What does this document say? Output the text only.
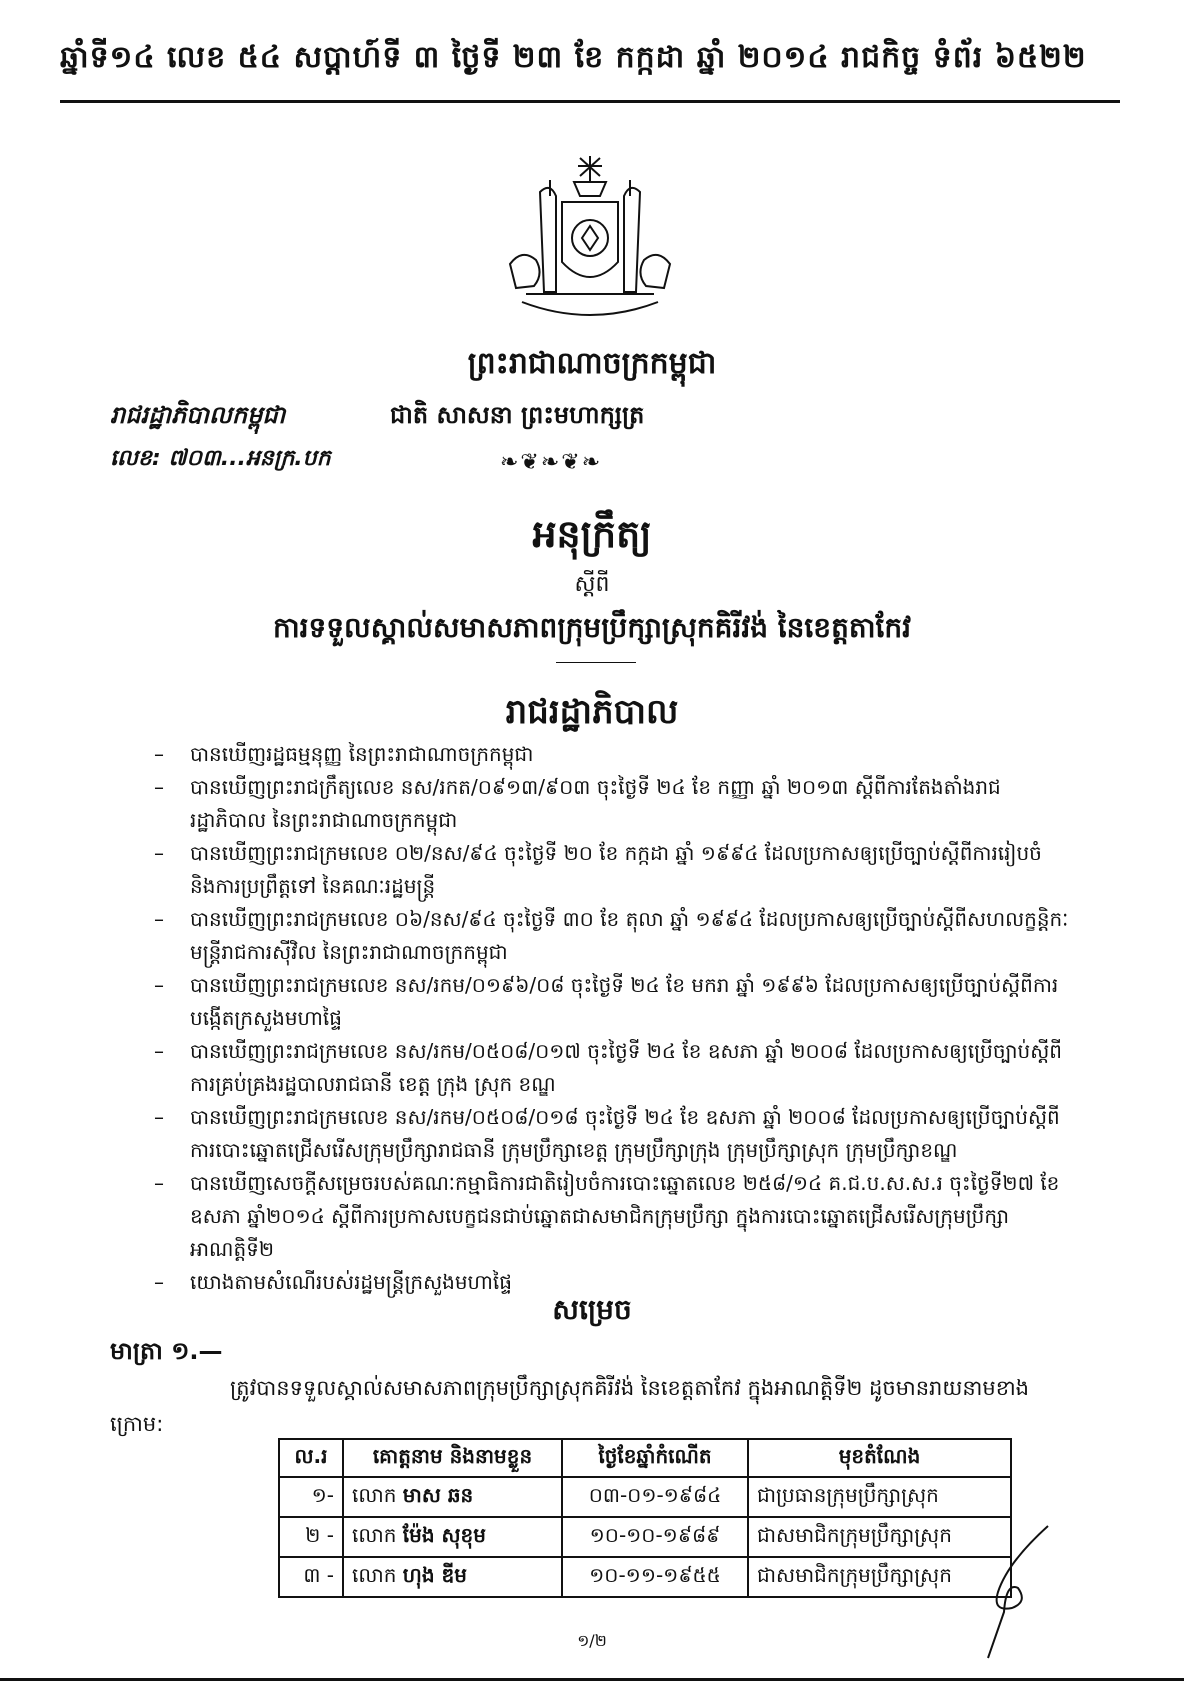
ឆ្នាំទី១៤ លេខ ៥៤ សប្តាហ៍ទី ៣ ថ្ងៃទី ២៣ ខែ កក្កដា ឆ្នាំ ២០១៤ រាជកិច្ច ទំព័រ ៦៥២២
ព្រះរាជាណាចក្រកម្ពុជា
រាជរដ្ឋាភិបាលកម្ពុជា	ជាតិ សាសនា ព្រះមហាក្សត្រ
លេខ: ៧០៣...អនក្រ.បក	❧❦❧❦❧
អនុក្រឹត្យ
ស្តីពី
ការទទួលស្គាល់សមាសភាពក្រុមប្រឹក្សាស្រុកគិរីវង់ នៃខេត្តតាកែវ
រាជរដ្ឋាភិបាល
– បានឃើញរដ្ឋធម្មនុញ្ញ នៃព្រះរាជាណាចក្រកម្ពុជា
– បានឃើញព្រះរាជក្រឹត្យលេខ នស/រកត/០៩១៣/៩០៣ ចុះថ្ងៃទី ២៤ ខែ កញ្ញា ឆ្នាំ ២០១៣ ស្តីពីការតែងតាំងរាជរដ្ឋាភិបាល នៃព្រះរាជាណាចក្រកម្ពុជា
– បានឃើញព្រះរាជក្រមលេខ ០២/នស/៩៤ ចុះថ្ងៃទី ២០ ខែ កក្កដា ឆ្នាំ ១៩៩៤ ដែលប្រកាសឲ្យប្រើច្បាប់ស្តីពីការរៀបចំ និងការប្រព្រឹត្តទៅ នៃគណៈរដ្ឋមន្ត្រី
– បានឃើញព្រះរាជក្រមលេខ ០៦/នស/៩៤ ចុះថ្ងៃទី ៣០ ខែ តុលា ឆ្នាំ ១៩៩៤ ដែលប្រកាសឲ្យប្រើច្បាប់ស្តីពីសហលក្ខន្តិកៈមន្ត្រីរាជការស៊ីវិល នៃព្រះរាជាណាចក្រកម្ពុជា
– បានឃើញព្រះរាជក្រមលេខ នស/រកម/០១៩៦/០៨ ចុះថ្ងៃទី ២៤ ខែ មករា ឆ្នាំ ១៩៩៦ ដែលប្រកាសឲ្យប្រើច្បាប់ស្តីពីការបង្កើតក្រសួងមហាផ្ទៃ
– បានឃើញព្រះរាជក្រមលេខ នស/រកម/០៥០៨/០១៧ ចុះថ្ងៃទី ២៤ ខែ ឧសភា ឆ្នាំ ២០០៨ ដែលប្រកាសឲ្យប្រើច្បាប់ស្តីពីការគ្រប់គ្រងរដ្ឋបាលរាជធានី ខេត្ត ក្រុង ស្រុក ខណ្ឌ
– បានឃើញព្រះរាជក្រមលេខ នស/រកម/០៥០៨/០១៨ ចុះថ្ងៃទី ២៤ ខែ ឧសភា ឆ្នាំ ២០០៨ ដែលប្រកាសឲ្យប្រើច្បាប់ស្តីពីការបោះឆ្នោតជ្រើសរើសក្រុមប្រឹក្សារាជធានី ក្រុមប្រឹក្សាខេត្ត ក្រុមប្រឹក្សាក្រុង ក្រុមប្រឹក្សាស្រុក ក្រុមប្រឹក្សាខណ្ឌ
– បានឃើញសេចក្តីសម្រេចរបស់គណៈកម្មាធិការជាតិរៀបចំការបោះឆ្នោតលេខ ២៥៨/១៤ គ.ជ.ប.ស.ស.រ ចុះថ្ងៃទី២៧ ខែឧសភា ឆ្នាំ២០១៤ ស្តីពីការប្រកាសបេក្ខជនជាប់ឆ្នោតជាសមាជិកក្រុមប្រឹក្សា ក្នុងការបោះឆ្នោតជ្រើសរើសក្រុមប្រឹក្សា អាណត្តិទី២
– យោងតាមសំណើរបស់រដ្ឋមន្ត្រីក្រសួងមហាផ្ទៃ
សម្រេច
មាត្រា ១.—
ត្រូវបានទទួលស្គាល់សមាសភាពក្រុមប្រឹក្សាស្រុកគិរីវង់ នៃខេត្តតាកែវ ក្នុងអាណត្តិទី២ ដូចមានរាយនាមខាងក្រោម:
ល.រ	គោត្តនាម និងនាមខ្លួន	ថ្ងៃខែឆ្នាំកំណើត	មុខតំណែង
១-	លោក មាស ឆន	០៣-០១-១៩៨៤	ជាប្រធានក្រុមប្រឹក្សាស្រុក
២ -	លោក ម៉ែង សុខុម	១០-១០-១៩៨៩	ជាសមាជិកក្រុមប្រឹក្សាស្រុក
៣ -	លោក ហុង ឌីម	១០-១១-១៩៥៥	ជាសមាជិកក្រុមប្រឹក្សាស្រុក
១/២
